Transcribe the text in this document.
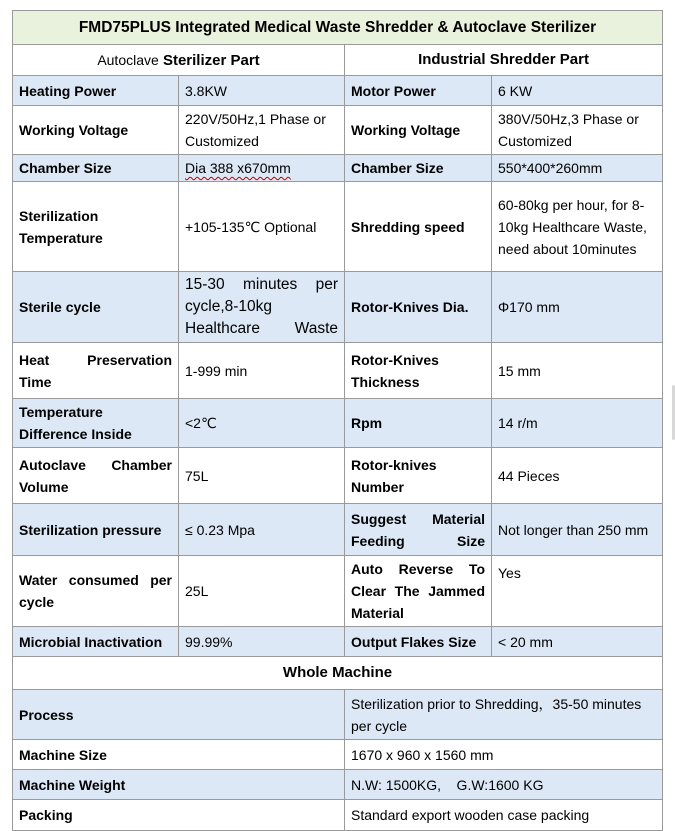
FMD75PLUS Integrated Medical Waste Shredder & Autoclave Sterilizer			
Autoclave Sterilizer Part		Industrial Shredder Part	
Heating Power	3.8KW	Motor Power	6 KW
Working Voltage	220V/50Hz,1 Phase or Customized	Working Voltage	380V/50Hz,3 Phase or Customized
Chamber Size	Dia 388 x670mm	Chamber Size	550*400*260mm
Sterilization Temperature	+105-135℃ Optional	Shredding speed	60-80kg per hour, for 8-10kg Healthcare Waste, need about 10minutes
Sterile cycle	15-30 minutes per cycle,8-10kg Healthcare Waste	Rotor-Knives Dia.	Φ170 mm
Heat Preservation Time	1-999 min	Rotor-Knives Thickness	15 mm
Temperature Difference Inside	<2℃	Rpm	14 r/m
Autoclave Chamber Volume	75L	Rotor-knives Number	44 Pieces
Sterilization pressure	≤ 0.23 Mpa	Suggest Material Feeding Size	Not longer than 250 mm
Water consumed per cycle	25L	Auto Reverse To Clear The Jammed Material	Yes
Microbial Inactivation	99.99%	Output Flakes Size	< 20 mm
Whole Machine			
Process		Sterilization prior to Shredding，35-50 minutes per cycle	
Machine Size		1670 x 960 x 1560 mm	
Machine Weight		N.W: 1500KG,    G.W:1600 KG	
Packing		Standard export wooden case packing	
